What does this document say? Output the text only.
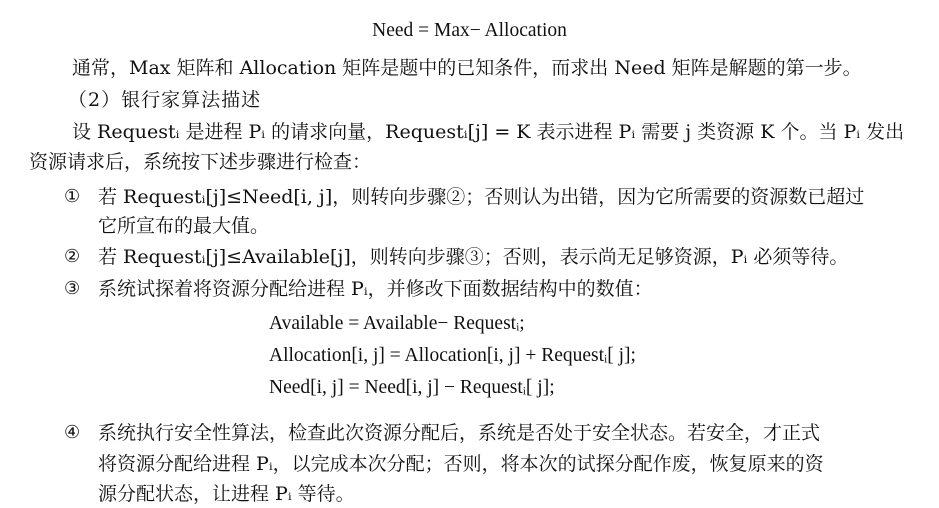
Need = Max− Allocation
通常，Max 矩阵和 Allocation 矩阵是题中的已知条件，而求出 Need 矩阵是解题的第一步。
（2）银行家算法描述
设 Requestᵢ 是进程 Pᵢ 的请求向量，Requestᵢ[j] = K 表示进程 Pᵢ 需要 j 类资源 K 个。当 Pᵢ 发出
资源请求后，系统按下述步骤进行检查：
① 若 Requestᵢ[j]≤Need[i, j]，则转向步骤②；否则认为出错，因为它所需要的资源数已超过
它所宣布的最大值。
② 若 Requestᵢ[j]≤Available[j]，则转向步骤③；否则，表示尚无足够资源，Pᵢ 必须等待。
③ 系统试探着将资源分配给进程 Pᵢ，并修改下面数据结构中的数值：
Available = Available− Requestᵢ;
Allocation[i, j] = Allocation[i, j] + Requestᵢ[ j];
Need[i, j] = Need[i, j] − Requestᵢ[ j];
④ 系统执行安全性算法，检查此次资源分配后，系统是否处于安全状态。若安全，才正式
将资源分配给进程 Pᵢ，以完成本次分配；否则，将本次的试探分配作废，恢复原来的资
源分配状态，让进程 Pᵢ 等待。
